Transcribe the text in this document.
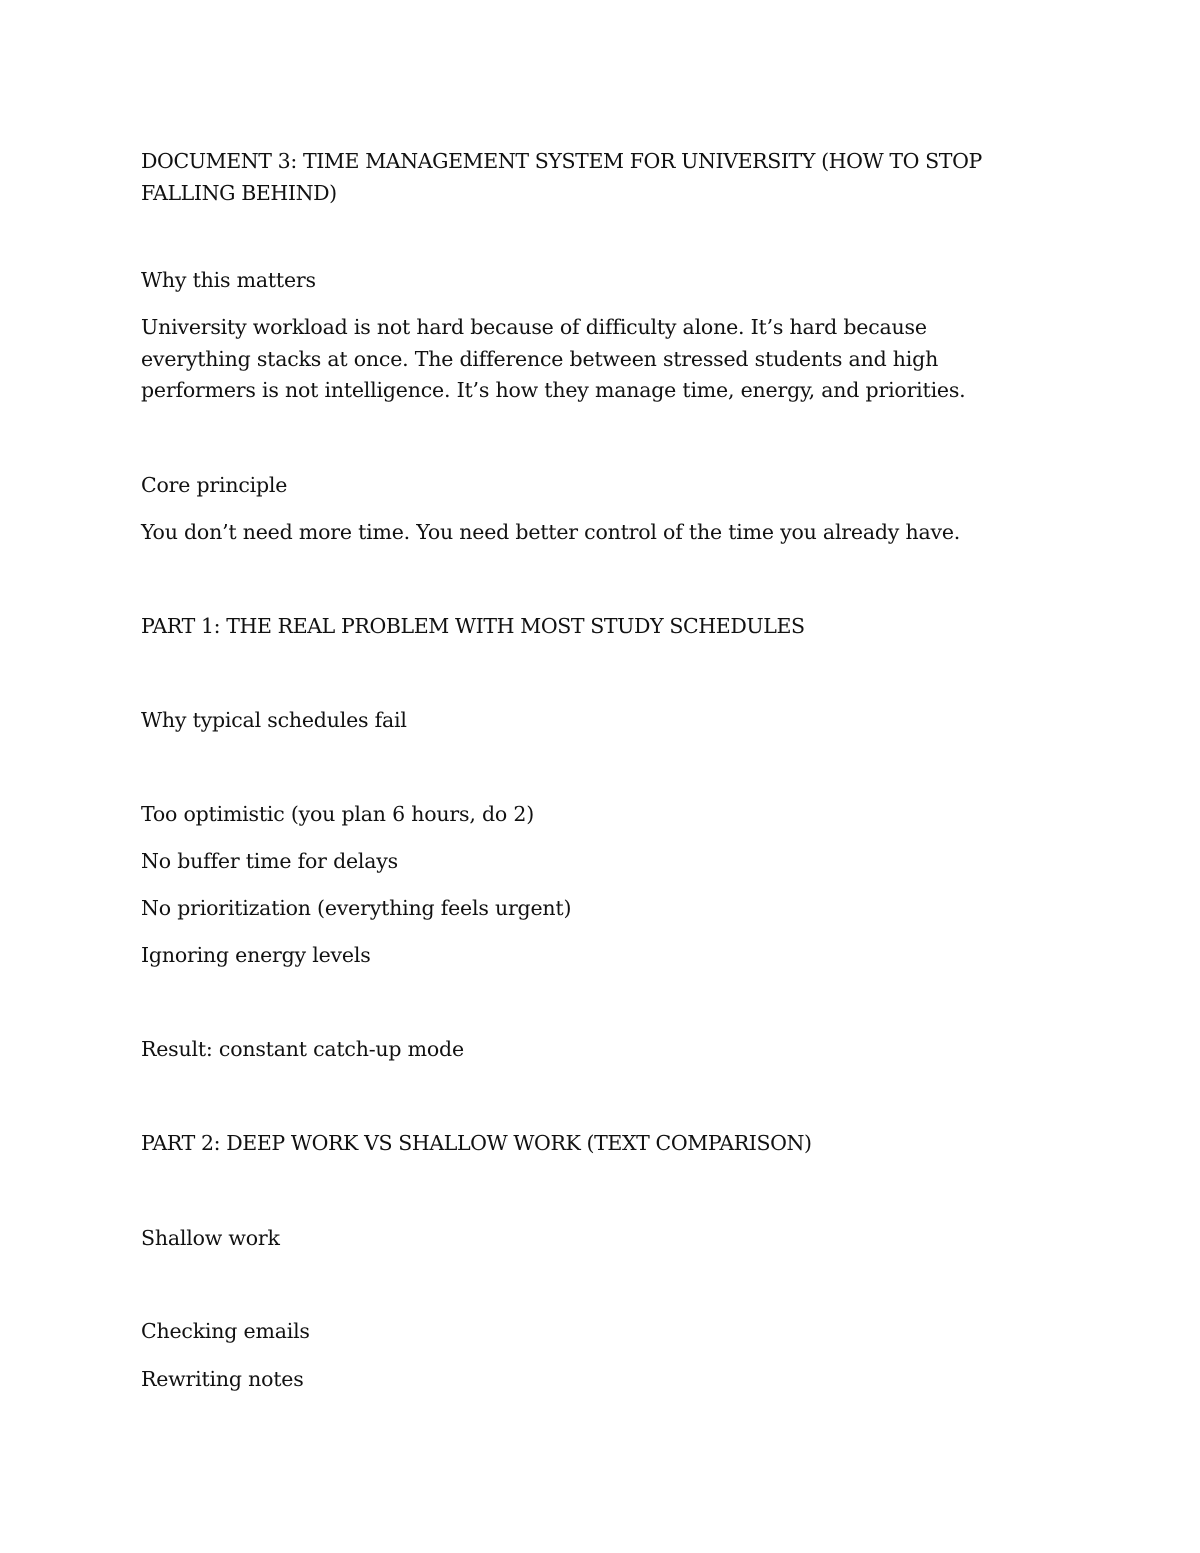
DOCUMENT 3: TIME MANAGEMENT SYSTEM FOR UNIVERSITY (HOW TO STOP FALLING BEHIND)
Why this matters

University workload is not hard because of difficulty alone. It’s hard because everything stacks at once. The difference between stressed students and high performers is not intelligence. It’s how they manage time, energy, and priorities.

Core principle

You don’t need more time. You need better control of the time you already have.

PART 1: THE REAL PROBLEM WITH MOST STUDY SCHEDULES
Why typical schedules fail
Too optimistic (you plan 6 hours, do 2)
No buffer time for delays
No prioritization (everything feels urgent)
Ignoring energy levels
Result: constant catch-up mode
PART 2: DEEP WORK VS SHALLOW WORK (TEXT COMPARISON)
Shallow work
Checking emails
Rewriting notes
